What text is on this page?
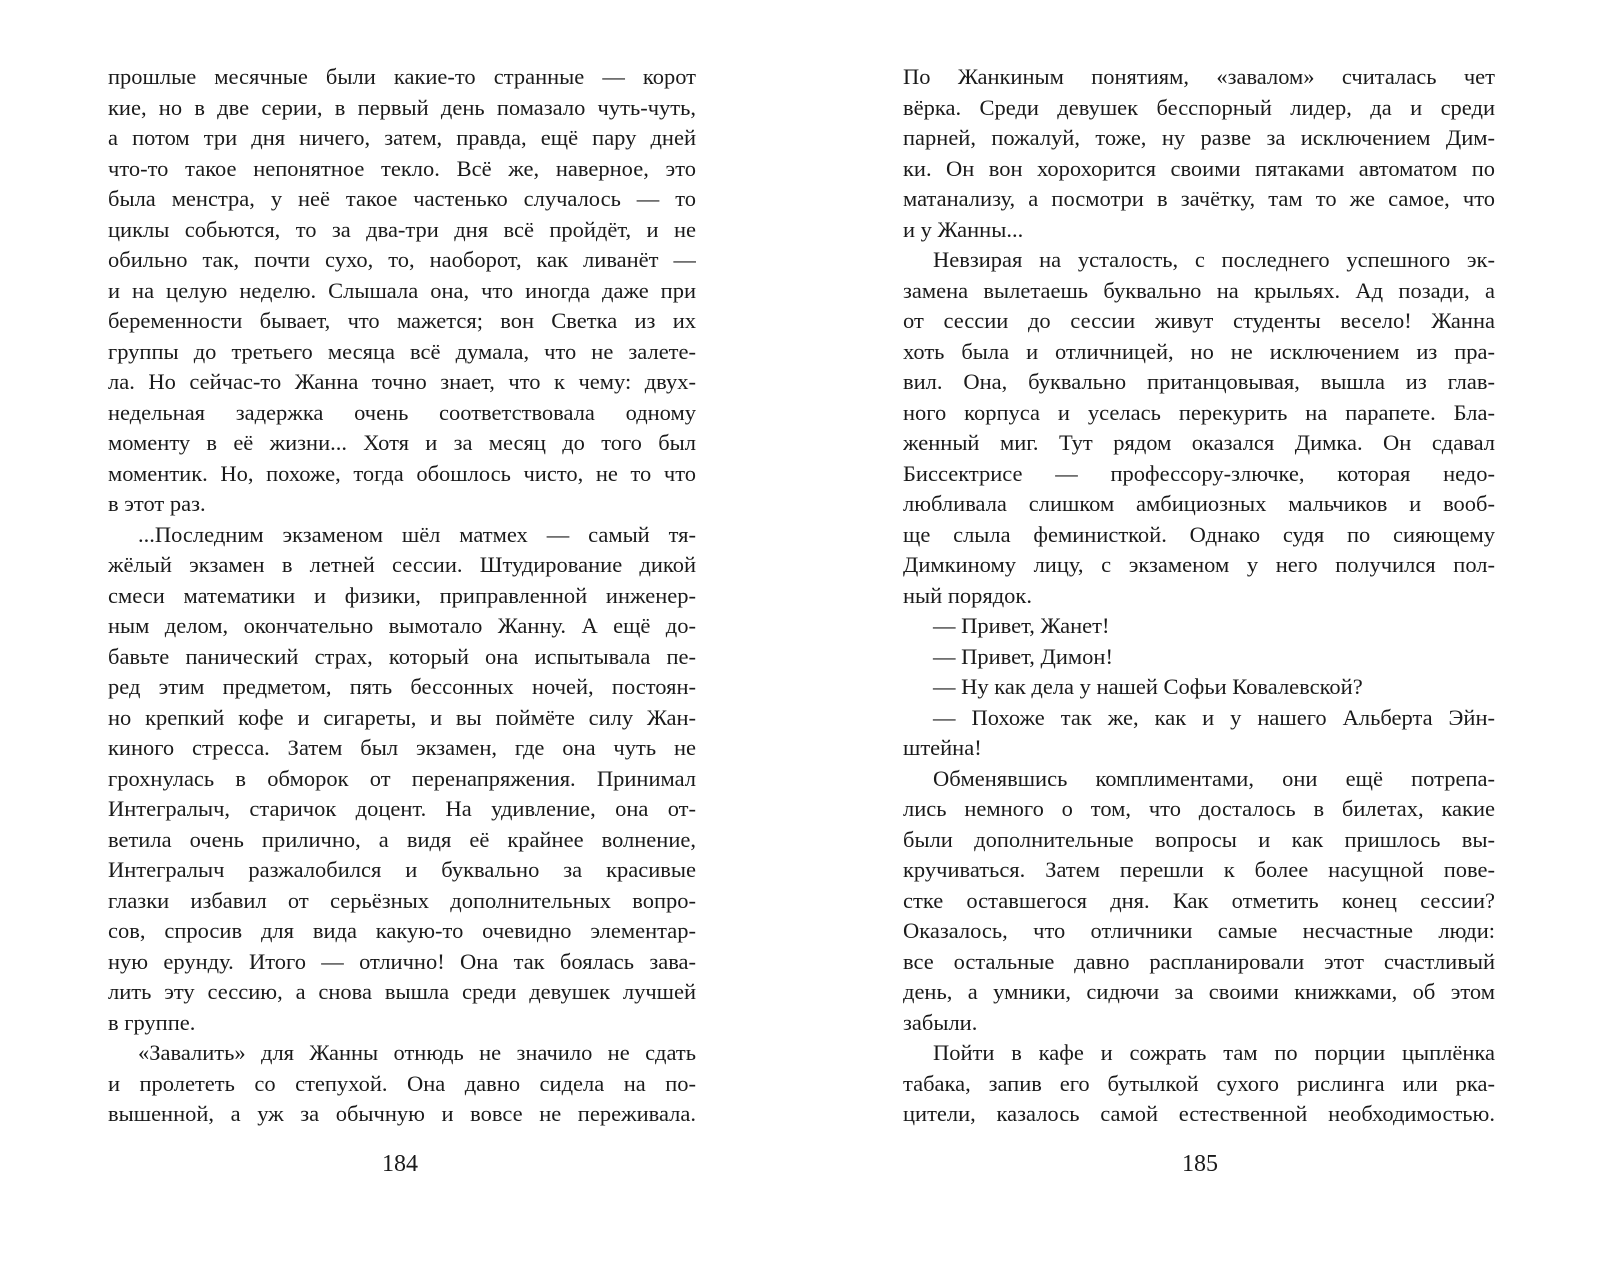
прошлые месячные были какие-то странные — корот
кие, но в две серии, в первый день помазало чуть-чуть,
а потом три дня ничего, затем, правда, ещё пару дней
что-то такое непонятное текло. Всё же, наверное, это
была менстра, у неё такое частенько случалось — то
циклы собьются, то за два-три дня всё пройдёт, и не
обильно так, почти сухо, то, наоборот, как ливанёт —
и на целую неделю. Слышала она, что иногда даже при
беременности бывает, что мажется; вон Светка из их
группы до третьего месяца всё думала, что не залете-
ла. Но сейчас-то Жанна точно знает, что к чему: двух-
недельная задержка очень соответствовала одному
моменту в её жизни... Хотя и за месяц до того был
моментик. Но, похоже, тогда обошлось чисто, не то что
в этот раз.
...Последним экзаменом шёл матмех — самый тя-
жёлый экзамен в летней сессии. Штудирование дикой
смеси математики и физики, приправленной инженер-
ным делом, окончательно вымотало Жанну. А ещё до-
бавьте панический страх, который она испытывала пе-
ред этим предметом, пять бессонных ночей, постоян-
но крепкий кофе и сигареты, и вы поймёте силу Жан-
киного стресса. Затем был экзамен, где она чуть не
грохнулась в обморок от перенапряжения. Принимал
Интегралыч, старичок доцент. На удивление, она от-
ветила очень прилично, а видя её крайнее волнение,
Интегралыч разжалобился и буквально за красивые
глазки избавил от серьёзных дополнительных вопро-
сов, спросив для вида какую-то очевидно элементар-
ную ерунду. Итого — отлично! Она так боялась зава-
лить эту сессию, а снова вышла среди девушек лучшей
в группе.
«Завалить» для Жанны отнюдь не значило не сдать
и пролететь со степухой. Она давно сидела на по-
вышенной, а уж за обычную и вовсе не переживала.
По Жанкиным понятиям, «завалом» считалась чет
вёрка. Среди девушек бесспорный лидер, да и среди
парней, пожалуй, тоже, ну разве за исключением Дим-
ки. Он вон хорохорится своими пятаками автоматом по
матанализу, а посмотри в зачётку, там то же самое, что
и у Жанны...
Невзирая на усталость, с последнего успешного эк-
замена вылетаешь буквально на крыльях. Ад позади, а
от сессии до сессии живут студенты весело! Жанна
хоть была и отличницей, но не исключением из пра-
вил. Она, буквально пританцовывая, вышла из глав-
ного корпуса и уселась перекурить на парапете. Бла-
женный миг. Тут рядом оказался Димка. Он сдавал
Биссектрисе — профессору-злючке, которая недо-
любливала слишком амбициозных мальчиков и вооб-
ще слыла феминисткой. Однако судя по сияющему
Димкиному лицу, с экзаменом у него получился пол-
ный порядок.
— Привет, Жанет!
— Привет, Димон!
— Ну как дела у нашей Софьи Ковалевской?
— Похоже так же, как и у нашего Альберта Эйн-
штейна!
Обменявшись комплиментами, они ещё потрепа-
лись немного о том, что досталось в билетах, какие
были дополнительные вопросы и как пришлось вы-
кручиваться. Затем перешли к более насущной пове-
стке оставшегося дня. Как отметить конец сессии?
Оказалось, что отличники самые несчастные люди:
все остальные давно распланировали этот счастливый
день, а умники, сидючи за своими книжками, об этом
забыли.
Пойти в кафе и сожрать там по порции цыплёнка
табака, запив его бутылкой сухого рислинга или рка-
цители, казалось самой естественной необходимостью.
184	185
